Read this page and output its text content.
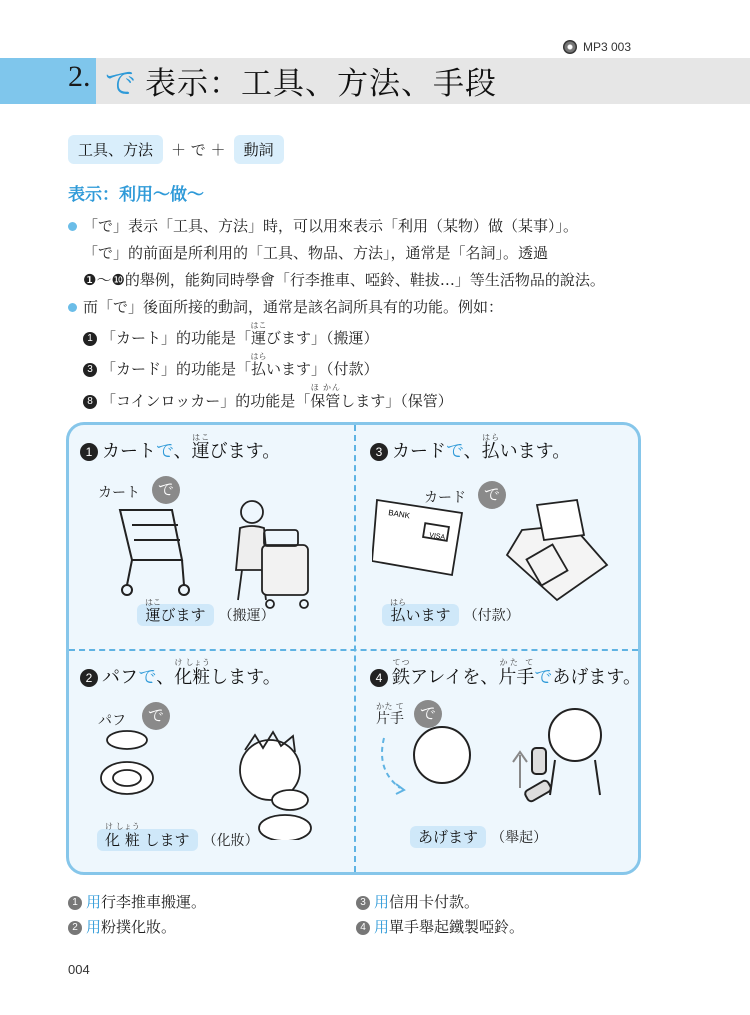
MP3 003
2. で 表示：工具、方法、手段
工具、方法	＋ で ＋	動詞
表示：利用～做～
「で」表示「工具、方法」時，可以用來表示「利用（某物）做（某事）」。
「で」的前面是所利用的「工具、物品、方法」，通常是「名詞」。透過
❶～❿的舉例，能夠同時學會「行李推車、啞鈴、鞋拔…」等生活物品的說法。
而「で」後面所接的動詞，通常是該名詞所具有的功能。例如：
1 「カート」的功能是「運はこびます」（搬運）
3 「カード」的功能是「払はらいます」（付款）
8 「コインロッカー」的功能是「保管ほ かんします」（保管）
1 カートで、運はこびます。
カート	で
運はこびます （搬運）
3 カードで、払はらいます。
カード	で
BANK
VISA
払はらいます （付款）
2 パフで、化粧け しょうします。
パフ	で
化 粧け しょう します （化妝）
4 鉄てつアレイを、片手かた てであげます。
片手かた て	で
あげます （舉起）
1 用行李推車搬運。	3 用信用卡付款。
2 用粉撲化妝。	4 用單手舉起鐵製啞鈴。
004
